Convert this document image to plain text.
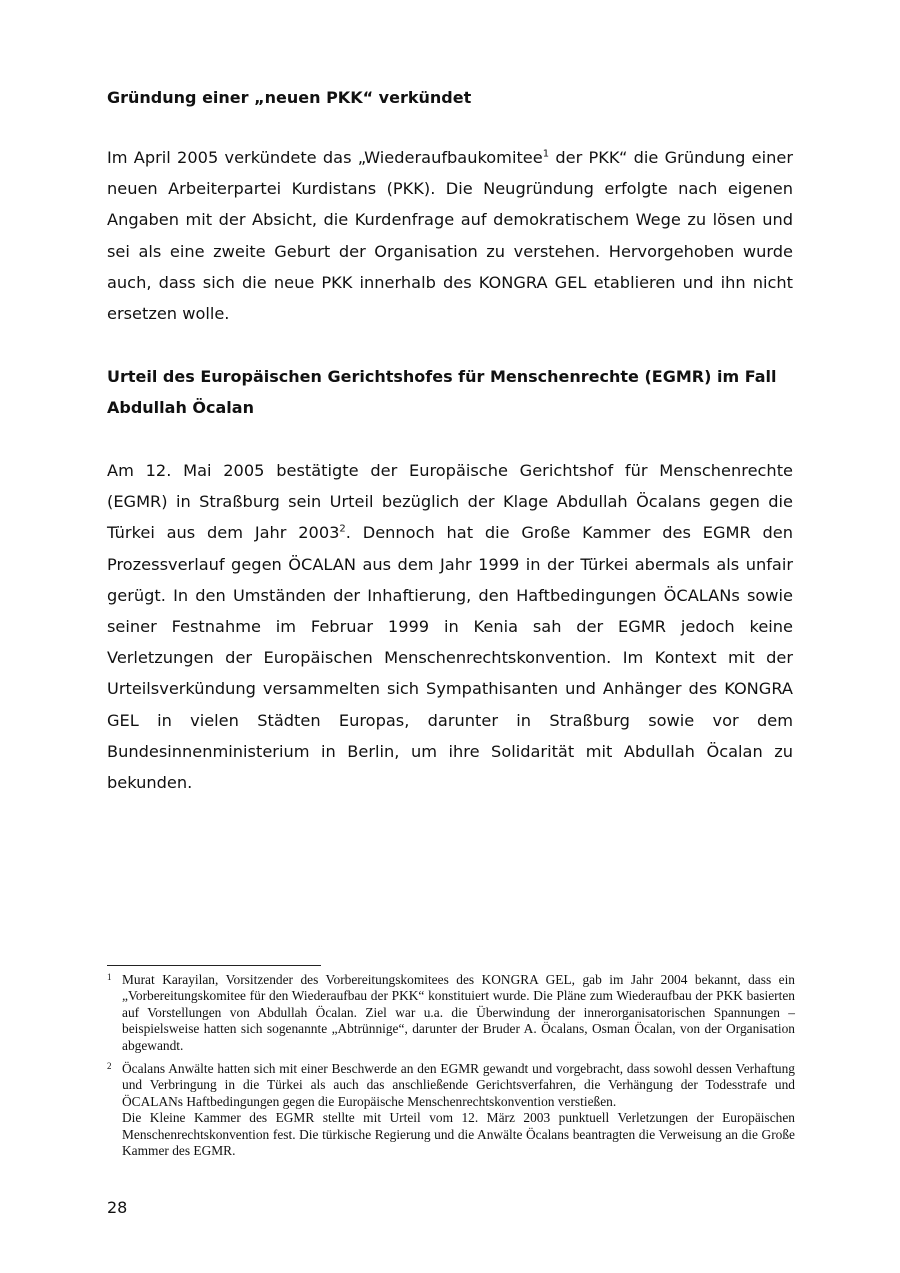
Gründung einer „neuen PKK“ verkündet

Im April 2005 verkündete das „Wiederaufbaukomitee$^1$ der PKK“ die Gründung einer neuen Arbeiterpartei Kurdistans (PKK). Die Neugründung erfolgte nach eigenen Angaben mit der Absicht, die Kurdenfrage auf demokratischem Wege zu lösen und sei als eine zweite Geburt der Organisation zu verstehen. Hervorgehoben wurde auch, dass sich die neue PKK innerhalb des KONGRA GEL etablieren und ihn nicht ersetzen wolle.

Urteil des Europäischen Gerichtshofes für Menschenrechte (EGMR) im Fall
Abdullah Öcalan

Am 12. Mai 2005 bestätigte der Europäische Gerichtshof für Menschenrechte (EGMR) in Straßburg sein Urteil bezüglich der Klage Abdullah Öcalans gegen die Türkei aus dem Jahr 2003$^2$. Dennoch hat die Große Kammer des EGMR den Prozessverlauf gegen ÖCALAN aus dem Jahr 1999 in der Türkei abermals als unfair gerügt. In den Umständen der Inhaftierung, den Haftbedingungen ÖCALANs sowie seiner Festnahme im Februar 1999 in Kenia sah der EGMR jedoch keine Verletzungen der Europäischen Menschenrechtskonvention. Im Kontext mit der Urteilsverkündung versammelten sich Sympathisanten und Anhänger des KONGRA GEL in vielen Städten Europas, darunter in Straßburg sowie vor dem Bundesinnenministerium in Berlin, um ihre Solidarität mit Abdullah Öcalan zu bekunden.

1 Murat Karayilan, Vorsitzender des Vorbereitungskomitees des KONGRA GEL, gab im Jahr 2004 bekannt, dass ein „Vorbereitungskomitee für den Wiederaufbau der PKK“ konstituiert wurde. Die Pläne zum Wiederaufbau der PKK basierten auf Vorstellungen von Abdullah Öcalan. Ziel war u.a. die Überwindung der innerorganisatorischen Spannungen – beispielsweise hatten sich sogenannte „Abtrünnige“, darunter der Bruder A. Öcalans, Osman Öcalan, von der Organisation abgewandt.
2 Öcalans Anwälte hatten sich mit einer Beschwerde an den EGMR gewandt und vorgebracht, dass sowohl dessen Verhaftung und Verbringung in die Türkei als auch das anschließende Gerichtsverfahren, die Verhängung der Todesstrafe und ÖCALANs Haftbedingungen gegen die Europäische Menschenrechtskonvention verstießen.
Die Kleine Kammer des EGMR stellte mit Urteil vom 12. März 2003 punktuell Verletzungen der Europäischen Menschenrechtskonvention fest. Die türkische Regierung und die Anwälte Öcalans beantragten die Verweisung an die Große Kammer des EGMR.

28
